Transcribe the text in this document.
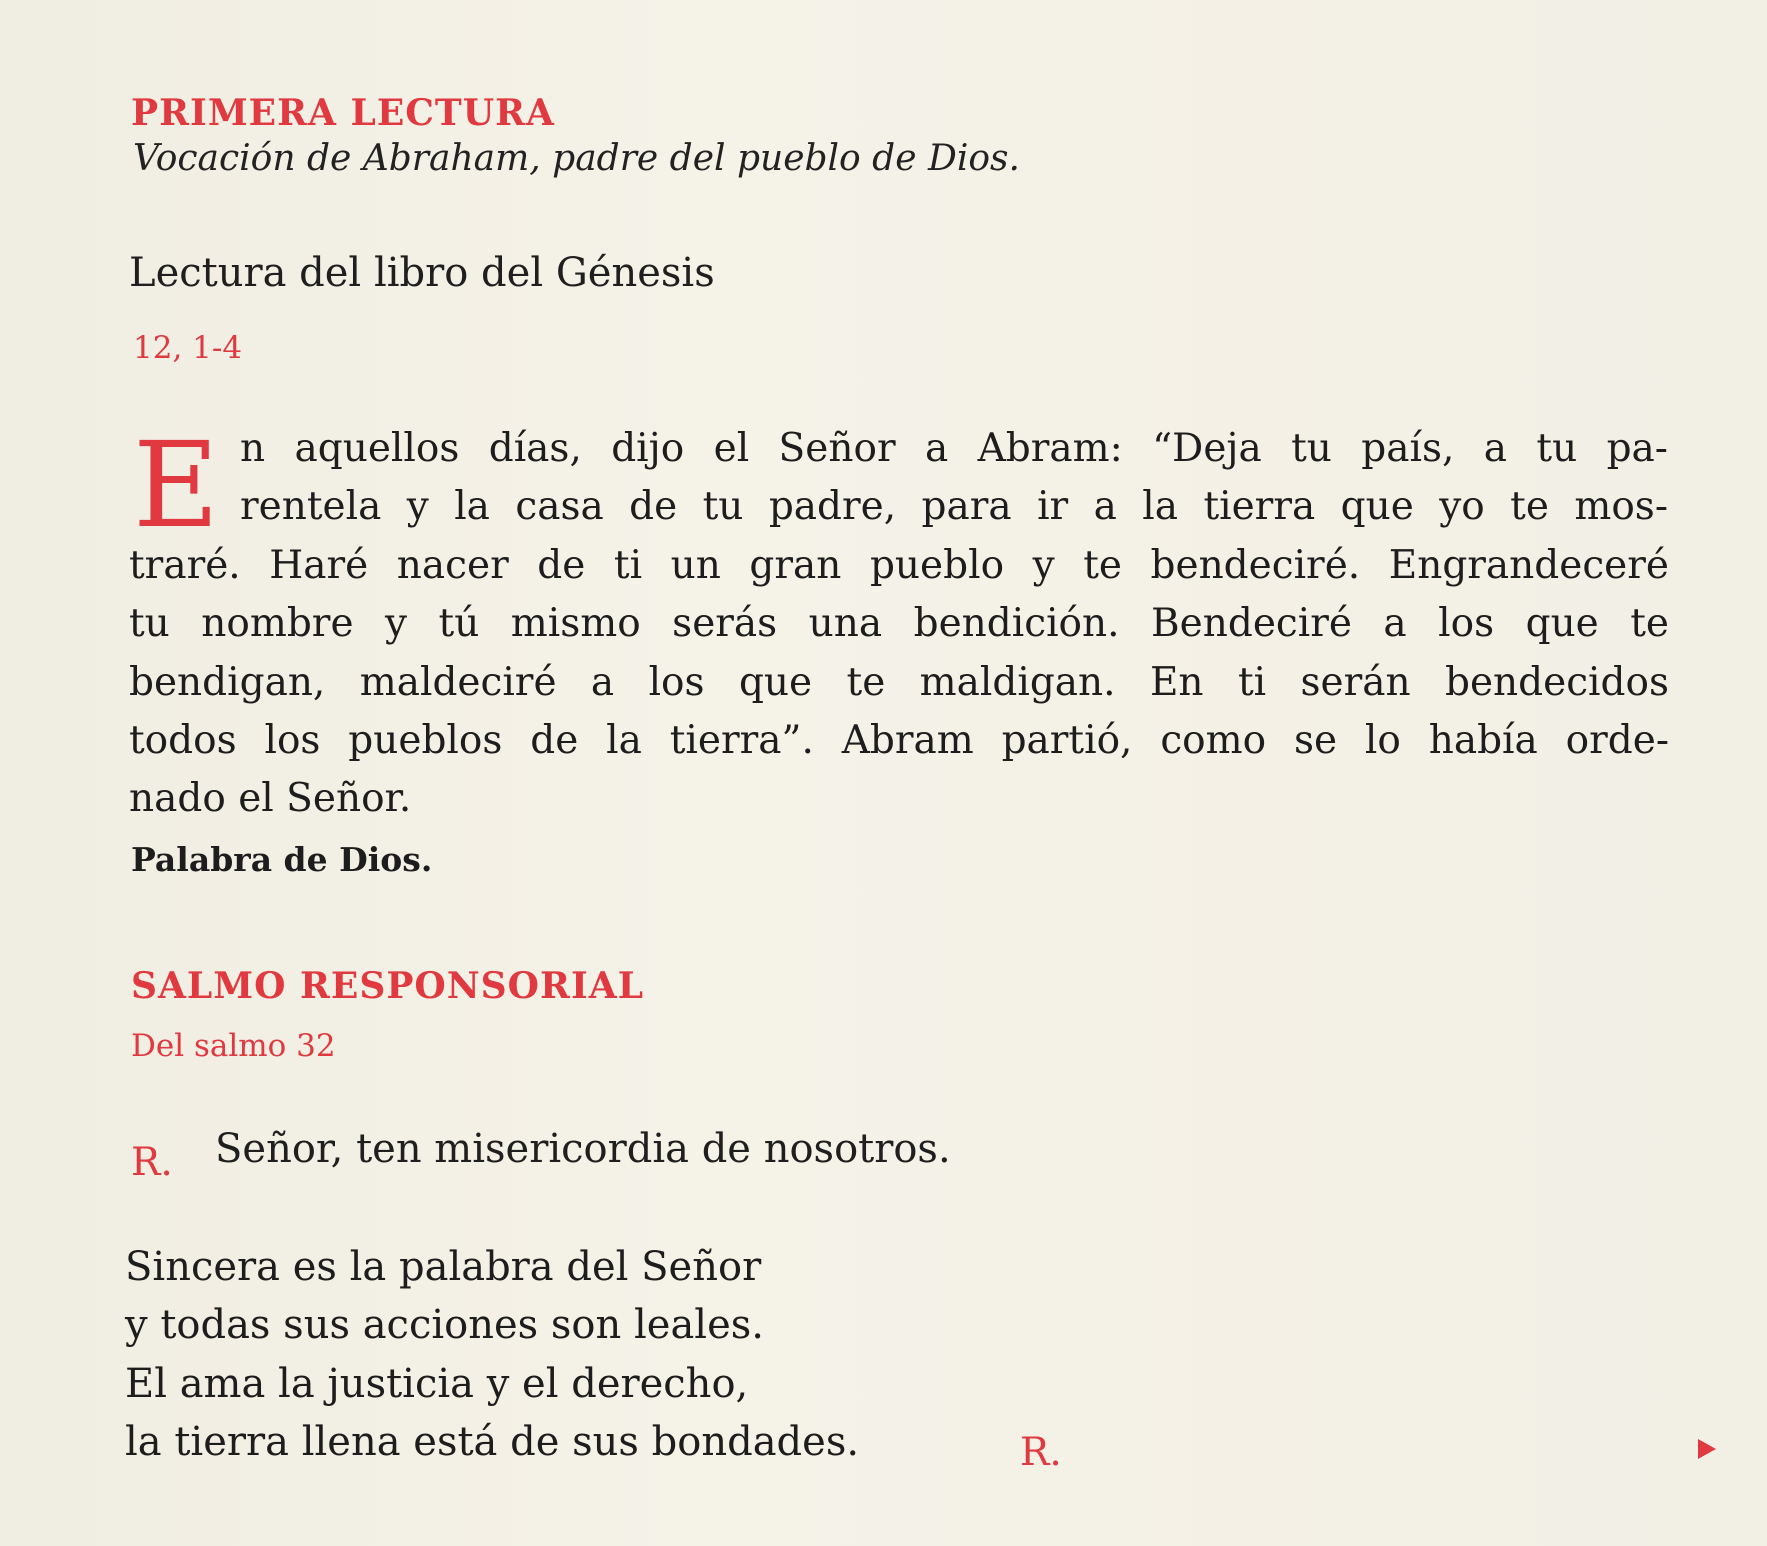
PRIMERA LECTURA
Vocación de Abraham, padre del pueblo de Dios.
Lectura del libro del Génesis
12, 1-4
E n aquellos días, dijo el Señor a Abram: “Deja tu país, a tu pa-
rentela y la casa de tu padre, para ir a la tierra que yo te mos-
traré. Haré nacer de ti un gran pueblo y te bendeciré. Engrandeceré
tu nombre y tú mismo serás una bendición. Bendeciré a los que te
bendigan, maldeciré a los que te maldigan. En ti serán bendecidos
todos los pueblos de la tierra”. Abram partió, como se lo había orde-
nado el Señor.
Palabra de Dios.
SALMO RESPONSORIAL
Del salmo 32
R. Señor, ten misericordia de nosotros.
Sincera es la palabra del Señor
y todas sus acciones son leales.
El ama la justicia y el derecho,
la tierra llena está de sus bondades.	R.
